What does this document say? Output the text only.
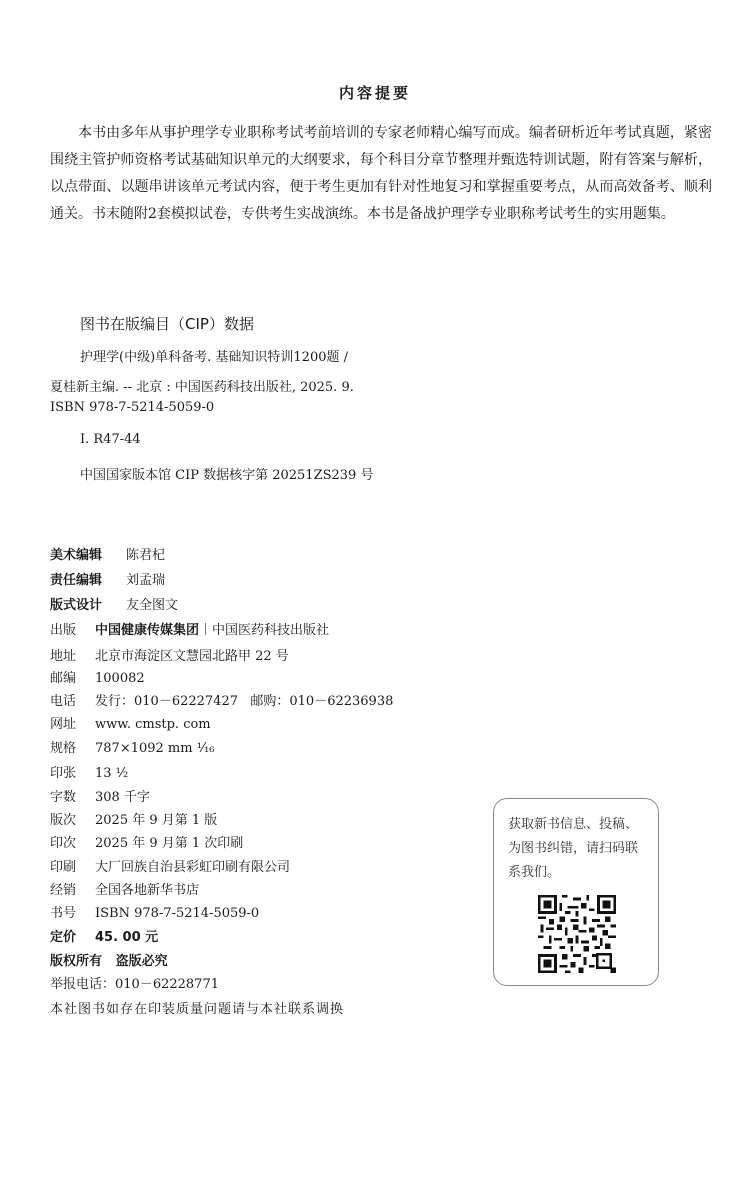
内容提要

本书由多年从事护理学专业职称考试考前培训的专家老师精心编写而成。编者研析近年考试真题，紧密围绕主管护师资格考试基础知识单元的大纲要求，每个科目分章节整理并甄选特训试题，附有答案与解析，以点带面、以题串讲该单元考试内容，便于考生更加有针对性地复习和掌握重要考点，从而高效备考、顺利通关。书末随附2套模拟试卷，专供考生实战演练。本书是备战护理学专业职称考试考生的实用题集。

图书在版编目（CIP）数据
护理学(中级)单科备考. 基础知识特训1200题 /
夏桂新主编. -- 北京 : 中国医药科技出版社, 2025. 9.
ISBN 978-7-5214-5059-0
Ⅰ. R47-44
中国国家版本馆 CIP 数据核字第 20251ZS239 号
美术编辑 陈君杞
责任编辑 刘孟瑞
版式设计 友全图文
出版 中国健康传媒集团 中国医药科技出版社
地址 北京市海淀区文慧园北路甲 22 号
邮编 100082
电话 发行：010－62227427   邮购：010－62236938
网址 www. cmstp. com
规格 787×1092 mm ¹⁄₁₆
印张 13 ¹⁄₂
字数 308 千字
版次 2025 年 9 月第 1 版
印次 2025 年 9 月第 1 次印刷
印刷 大厂回族自治县彩虹印刷有限公司
经销 全国各地新华书店
书号 ISBN 978-7-5214-5059-0
定价 45. 00 元
版权所有   盗版必究
举报电话：010－62228771
本社图书如存在印装质量问题请与本社联系调换
获取新书信息、投稿、为图书纠错，请扫码联系我们。
